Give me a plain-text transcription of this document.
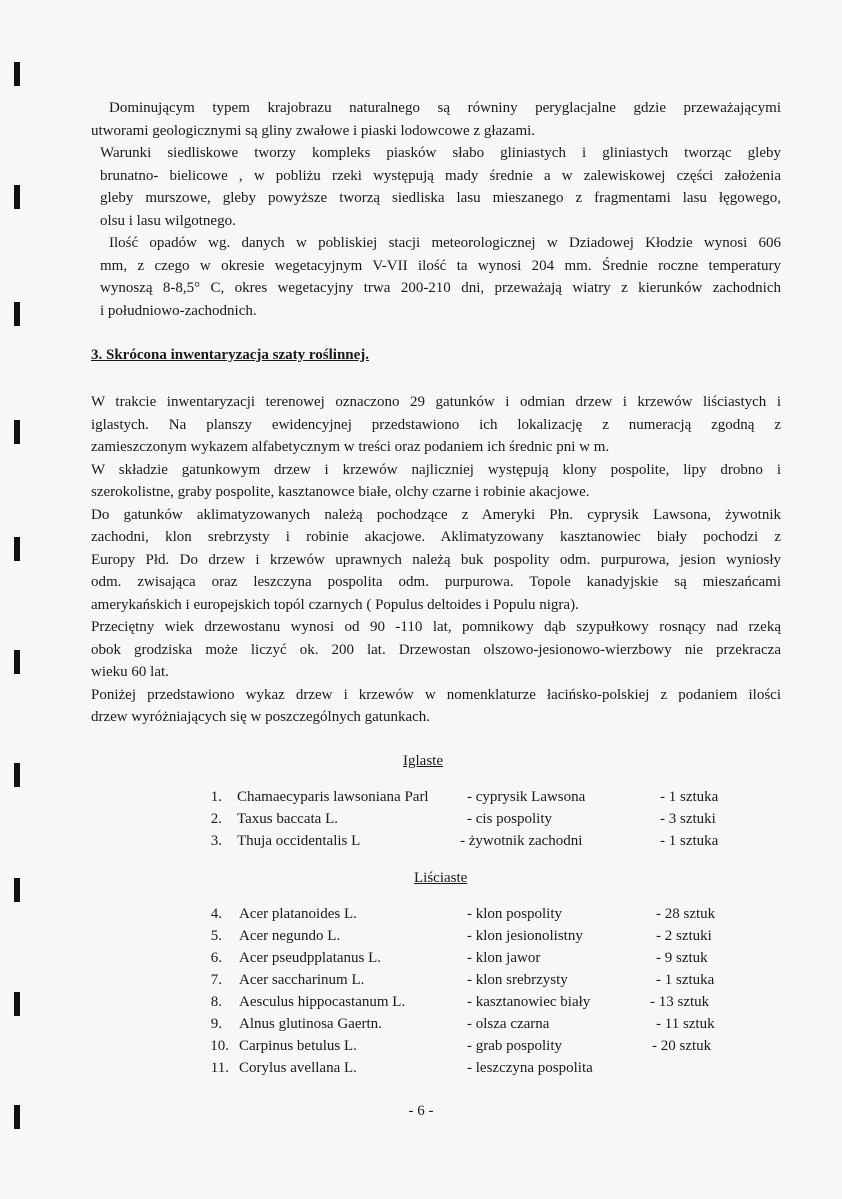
Dominującym typem krajobrazu naturalnego są równiny peryglacjalne gdzie przeważającymi
utworami geologicznymi są gliny zwałowe i piaski lodowcowe z głazami.
Warunki siedliskowe tworzy kompleks piasków słabo gliniastych i gliniastych tworząc gleby
brunatno- bielicowe , w pobliżu rzeki występują mady średnie a w zalewiskowej części założenia
gleby murszowe, gleby powyższe tworzą siedliska lasu mieszanego z fragmentami lasu łęgowego,
olsu i lasu wilgotnego.
Ilość opadów wg. danych w pobliskiej stacji meteorologicznej w Dziadowej Kłodzie wynosi 606
mm, z czego w okresie wegetacyjnym V-VII ilość ta wynosi 204 mm. Średnie roczne temperatury
wynoszą 8-8,5° C, okres wegetacyjny trwa 200-210 dni, przeważają wiatry z kierunków zachodnich
i południowo-zachodnich.
3. Skrócona inwentaryzacja szaty roślinnej.
W trakcie inwentaryzacji terenowej oznaczono 29 gatunków i odmian drzew i krzewów liściastych i
iglastych. Na planszy ewidencyjnej przedstawiono ich lokalizację z numeracją zgodną z
zamieszczonym wykazem alfabetycznym w treści oraz podaniem ich średnic pni w m.
W składzie gatunkowym drzew i krzewów najliczniej występują klony pospolite, lipy drobno i
szerokolistne, graby pospolite, kasztanowce białe, olchy czarne i robinie akacjowe.
Do gatunków aklimatyzowanych należą pochodzące z Ameryki Płn. cyprysik Lawsona, żywotnik
zachodni, klon srebrzysty i robinie akacjowe. Aklimatyzowany kasztanowiec biały pochodzi z
Europy Płd. Do drzew i krzewów uprawnych należą buk pospolity odm. purpurowa, jesion wyniosły
odm. zwisająca oraz leszczyna pospolita odm. purpurowa. Topole kanadyjskie są mieszańcami
amerykańskich i europejskich topól czarnych ( Populus deltoides i Populu nigra).
Przeciętny wiek drzewostanu wynosi od 90 -110 lat, pomnikowy dąb szypułkowy rosnący nad rzeką
obok grodziska może liczyć ok. 200 lat. Drzewostan olszowo-jesionowo-wierzbowy nie przekracza
wieku 60 lat.
Poniżej przedstawiono wykaz drzew i krzewów w nomenklaturze łacińsko-polskiej z podaniem ilości
drzew wyróżniających się w poszczególnych gatunkach.
Iglaste
1. Chamaecyparis lawsoniana Parl	- cyprysik Lawsona	- 1 sztuka
2. Taxus baccata L.	- cis pospolity	- 3 sztuki
3. Thuja occidentalis L	- żywotnik zachodni	- 1 sztuka
Liściaste
4. Acer platanoides L.	- klon pospolity	- 28 sztuk
5. Acer negundo L.	- klon jesionolistny	- 2 sztuki
6. Acer pseudpplatanus L.	- klon jawor	- 9 sztuk
7. Acer saccharinum L.	- klon srebrzysty	- 1 sztuka
8. Aesculus hippocastanum L.	- kasztanowiec biały	- 13 sztuk
9. Alnus glutinosa Gaertn.	- olsza czarna	- 11 sztuk
10. Carpinus betulus L.	- grab pospolity	- 20 sztuk
11. Corylus avellana L.	- leszczyna pospolita
- 6 -
